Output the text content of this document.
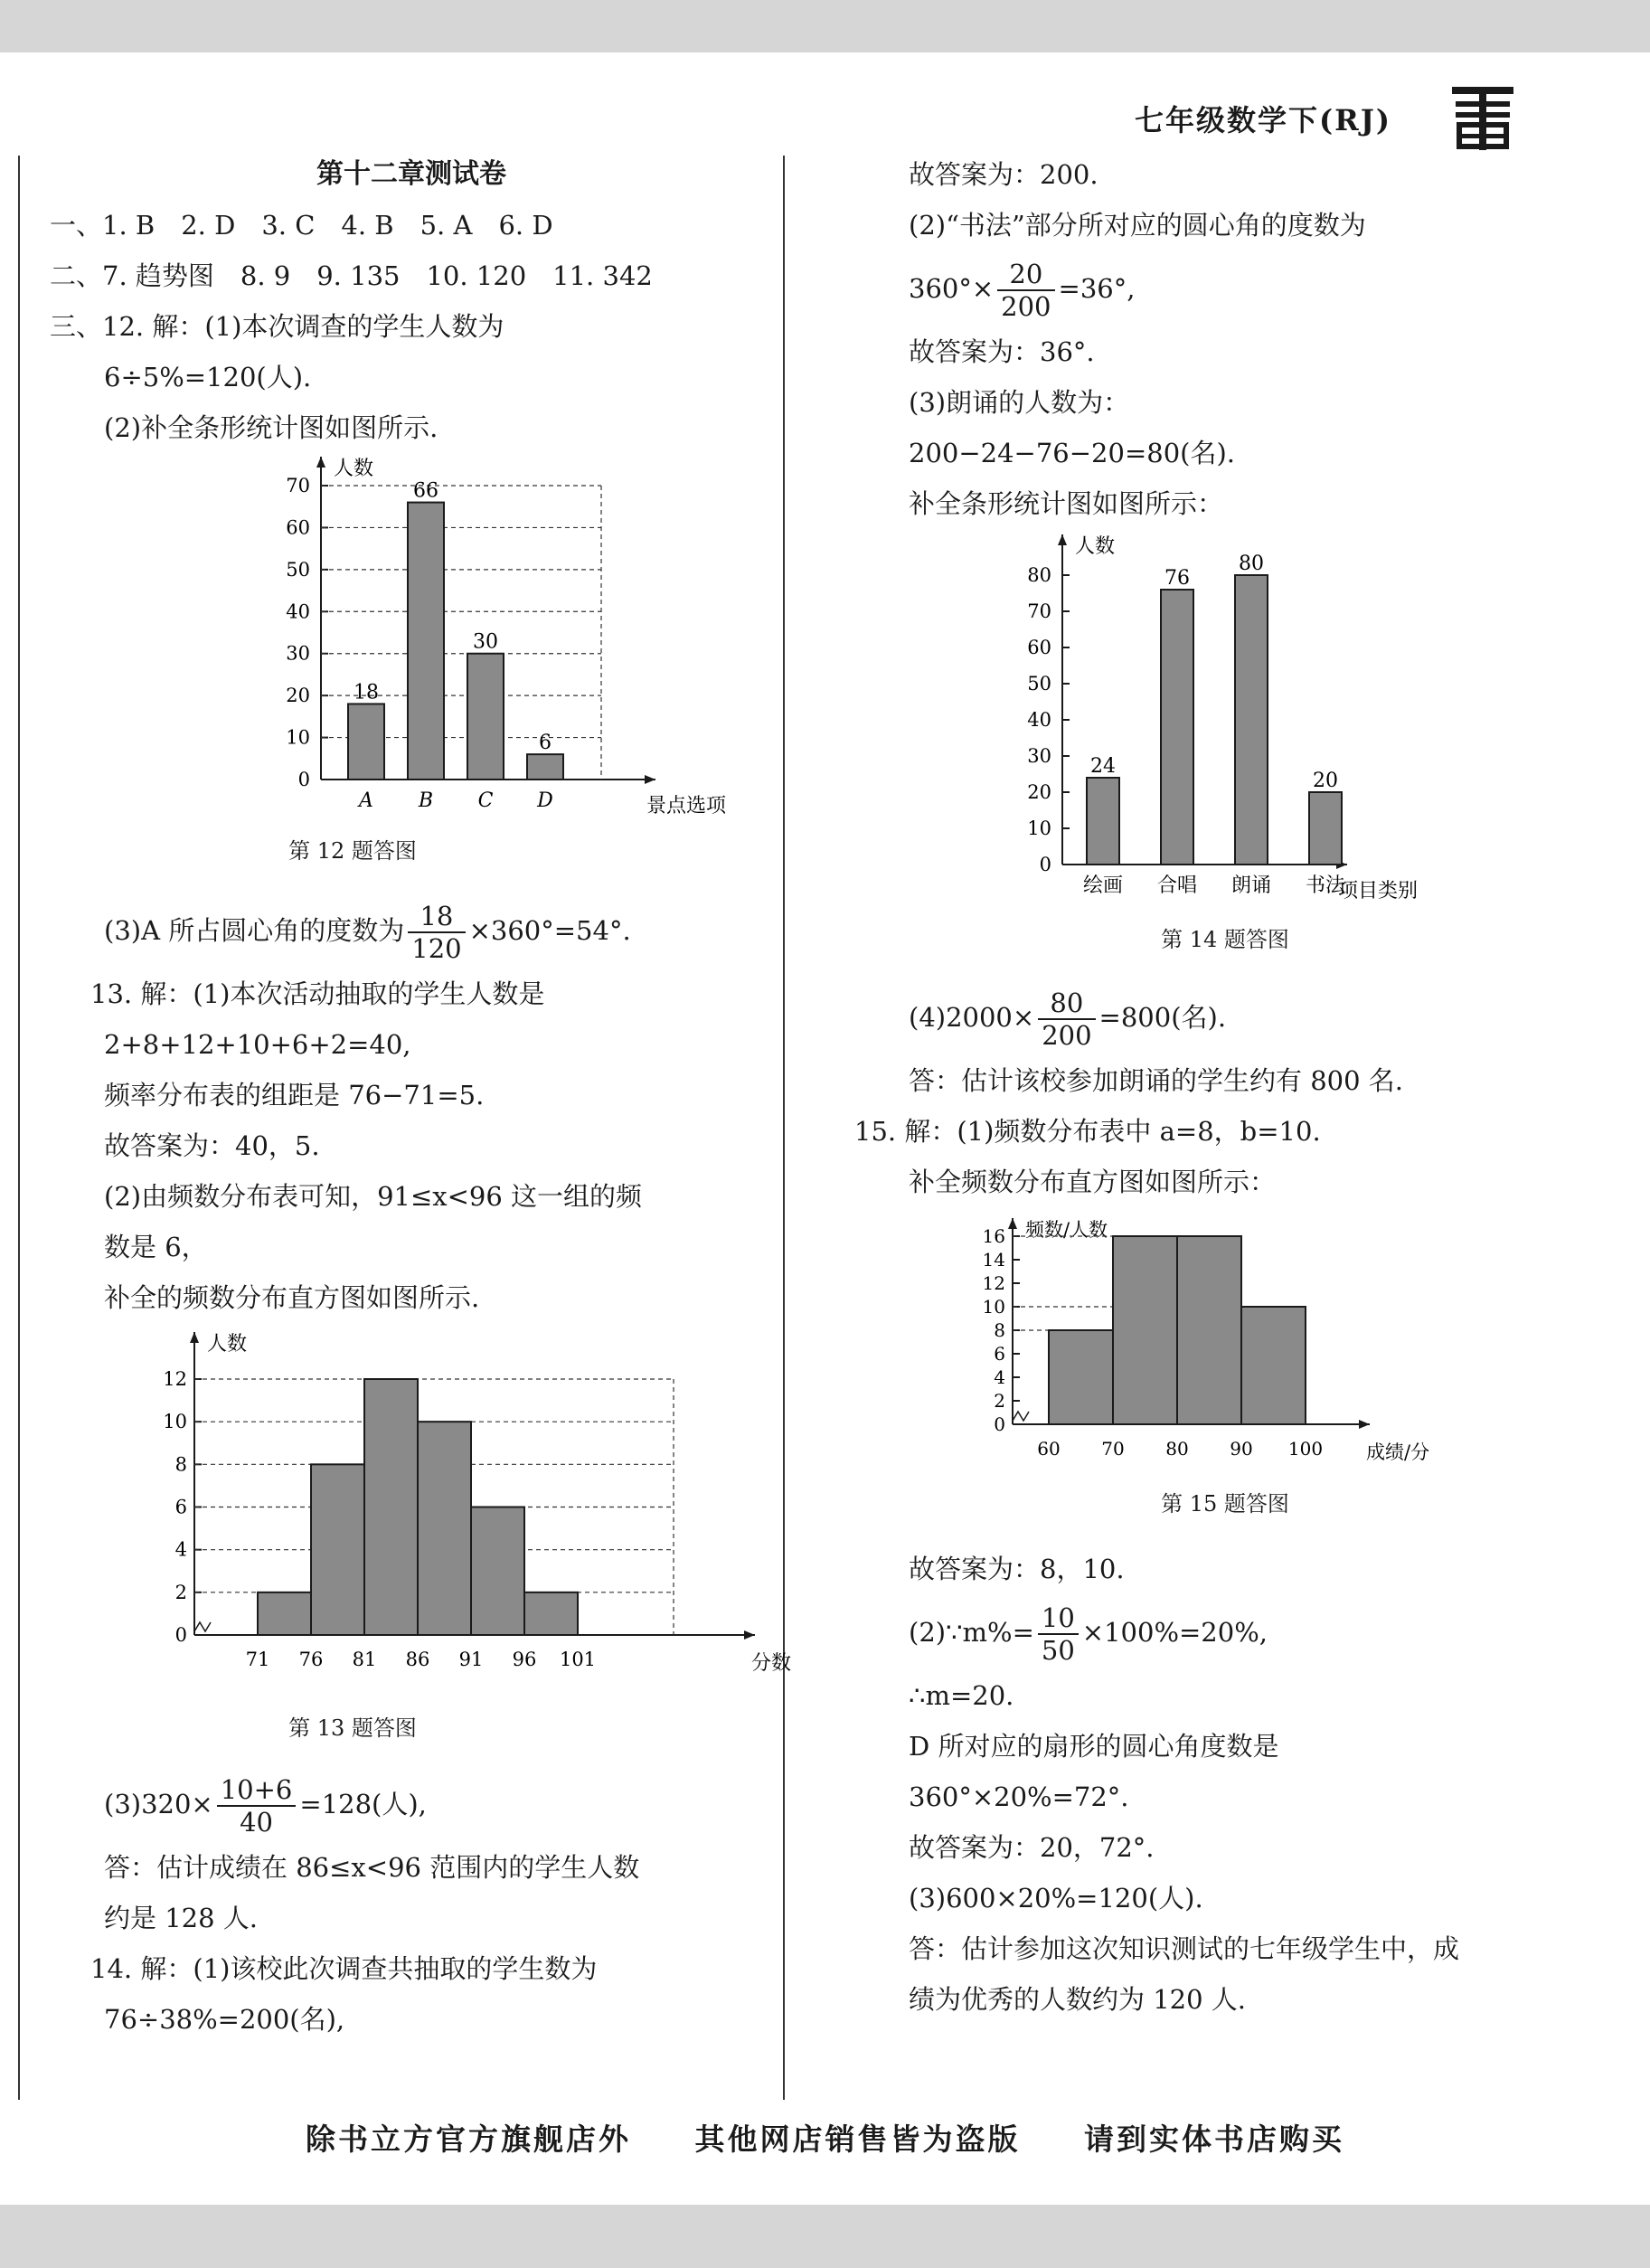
七年级数学下(RJ)
第十二章测试卷
一、1. B　2. D　3. C　4. B　5. A　6. D
二、7. 趋势图　8. 9　9. 135　10. 120　11. 342
三、12. 解：(1)本次调查的学生人数为
6÷5%=120(人).
(2)补全条形统计图如图所示.
人数
景点选项
0
10
20
30
40
50
60
70
18
A
66
B
30
C
6
D
第 12 题答图
(3)A 所占圆心角的度数为 $\frac{18}{120} \times 360^\circ=54^\circ$.
13. 解：(1)本次活动抽取的学生人数是
2+8+12+10+6+2=40,
频率分布表的组距是 76−71=5.
故答案为：40，5.
(2)由频数分布表可知，91≤x<96 这一组的频
数是 6，
补全的频数分布直方图如图所示.
人数
分数
0
2
4
6
8
10
12
71 76 81 86 91 96 101
第 13 题答图
$(3)320\times \frac{10+6}{40} =128$(人),
答：估计成绩在 86≤x<96 范围内的学生人数
约是 128 人.
14. 解：(1)该校此次调查共抽取的学生数为
76÷38%=200(名),
故答案为：200.
(2)“书法”部分所对应的圆心角的度数为
$360^\circ\times \frac{20}{200} =36^\circ$,
故答案为：36°.
(3)朗诵的人数为：
200−24−76−20=80(名).
补全条形统计图如图所示：
人数
项目类别
0
10
20
30
40
50
60
70
80
24
绘画
76
合唱
80
朗诵
20
书法
第 14 题答图
$(4)2000\times \frac{80}{200} =800$(名).
答：估计该校参加朗诵的学生约有 800 名.
15. 解：(1)频数分布表中 a=8，b=10.
补全频数分布直方图如图所示：
频数/人数
成绩/分
0
2
4
6
8
10
12
14
16
60 70 80 90 100
第 15 题答图
故答案为：8，10.
(2)∵m%= $\frac{10}{50} \times 100\%=20\%$,
∴m=20.
D 所对应的扇形的圆心角度数是
360°×20%=72°.
故答案为：20，72°.
(3)600×20%=120(人).
答：估计参加这次知识测试的七年级学生中，成
绩为优秀的人数约为 120 人.
除书立方官方旗舰店外 其他网店销售皆为盗版 请到实体书店购买
